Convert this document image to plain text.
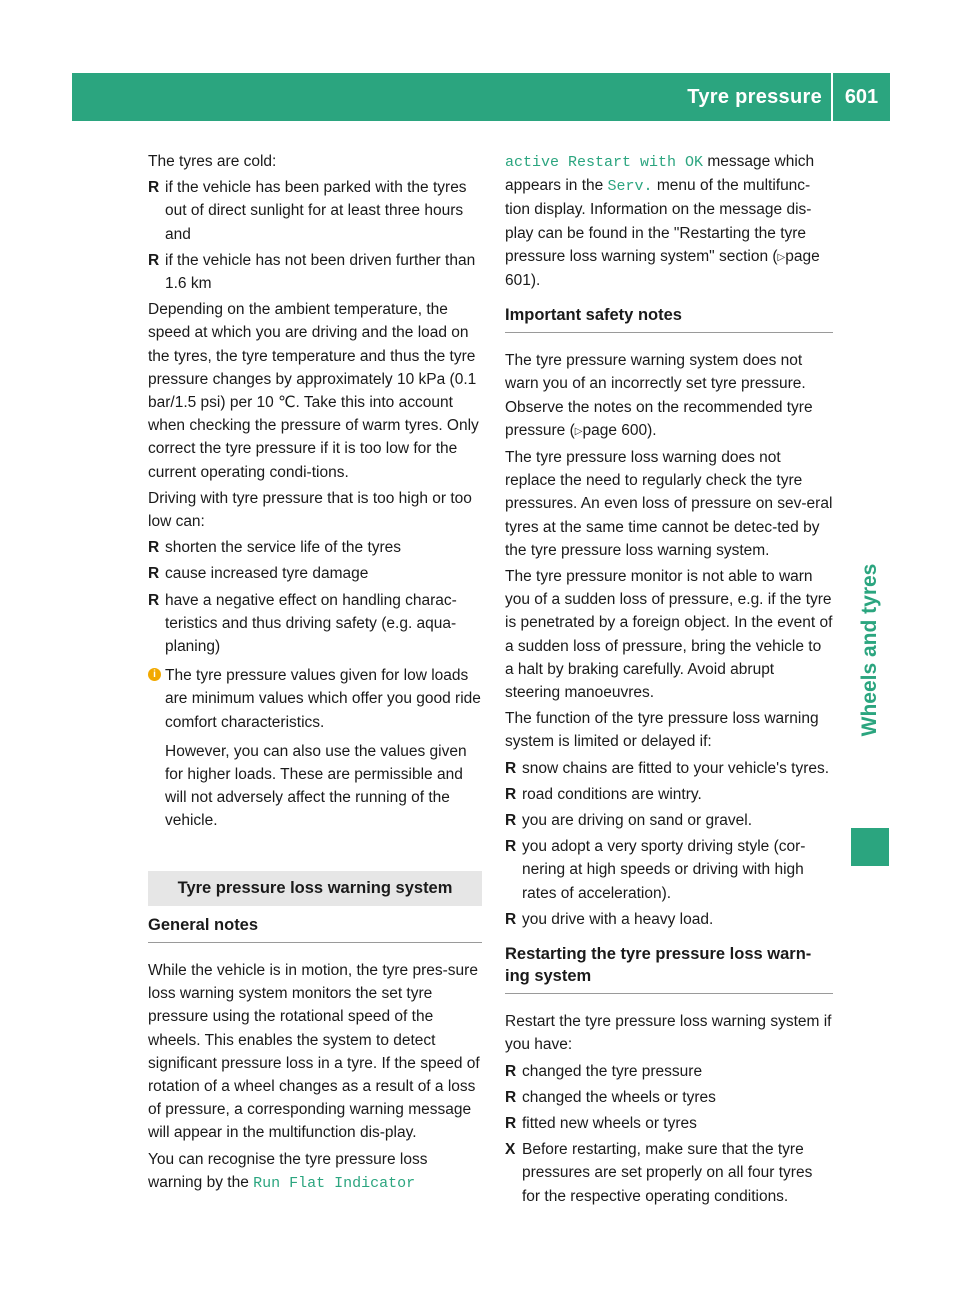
Tyre pressure	601
Wheels and tyres

The tyres are cold:

R if the vehicle has been parked with the tyres out of direct sunlight for at least three hours and
R if the vehicle has not been driven further than 1.6 km

Depending on the ambient temperature, the speed at which you are driving and the load on the tyres, the tyre temperature and thus the tyre pressure changes by approximately 10 kPa (0.1 bar/1.5 psi) per 10 ℃. Take this into account when checking the pressure of warm tyres. Only correct the tyre pressure if it is too low for the current operating condi-tions.

Driving with tyre pressure that is too high or too low can:

R shorten the service life of the tyres
R cause increased tyre damage
R have a negative effect on handling charac-teristics and thus driving safety (e.g. aqua-planing)
i The tyre pressure values given for low loads are minimum values which offer you good ride comfort characteristics.

However, you can also use the values given for higher loads. These are permissible and will not adversely affect the running of the vehicle.

Tyre pressure loss warning system
General notes

While the vehicle is in motion, the tyre pres-sure loss warning system monitors the set tyre pressure using the rotational speed of the wheels. This enables the system to detect significant pressure loss in a tyre. If the speed of rotation of a wheel changes as a result of a loss of pressure, a corresponding warning message will appear in the multifunction dis-play.

You can recognise the tyre pressure loss warning by the Run Flat Indicator

active Restart with OK message which appears in the Serv. menu of the multifunc-tion display. Information on the message dis-play can be found in the "Restarting the tyre pressure loss warning system" section (▷page 601).

Important safety notes

The tyre pressure warning system does not warn you of an incorrectly set tyre pressure. Observe the notes on the recommended tyre pressure (▷page 600).

The tyre pressure loss warning does not replace the need to regularly check the tyre pressures. An even loss of pressure on sev-eral tyres at the same time cannot be detec-ted by the tyre pressure loss warning system.

The tyre pressure monitor is not able to warn you of a sudden loss of pressure, e.g. if the tyre is penetrated by a foreign object. In the event of a sudden loss of pressure, bring the vehicle to a halt by braking carefully. Avoid abrupt steering manoeuvres.

The function of the tyre pressure loss warning system is limited or delayed if:

R snow chains are fitted to your vehicle's tyres.
R road conditions are wintry.
R you are driving on sand or gravel.
R you adopt a very sporty driving style (cor-nering at high speeds or driving with high rates of acceleration).
R you drive with a heavy load.
Restarting the tyre pressure loss warn-ing system

Restart the tyre pressure loss warning system if you have:

R changed the tyre pressure
R changed the wheels or tyres
R fitted new wheels or tyres
X Before restarting, make sure that the tyre pressures are set properly on all four tyres for the respective operating conditions.
